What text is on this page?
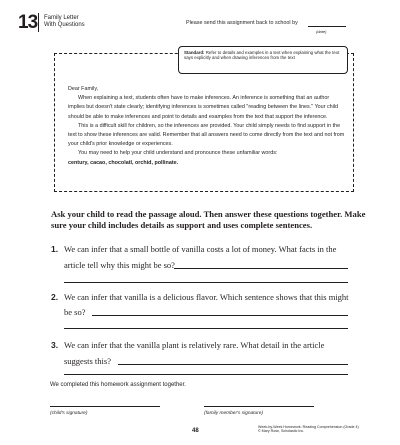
13 Family Letter
With Questions	Please send this assignment back to school by
(date)
Standard: Refer to details and examples in a text when explaining what the text says explicitly and when drawing inferences from the text

Dear Family,

When explaining a text, students often have to make inferences. An inference is something that an author implies but doesn't state clearly; identifying inferences is sometimes called "reading between the lines." Your child should be able to make inferences and point to details and examples from the text that support the inference.

This is a difficult skill for children, so the inferences are provided. Your child simply needs to find support in the text to show these inferences are valid. Remember that all answers need to come directly from the text and not from your child's prior knowledge or experiences.

You may need to help your child understand and pronounce these unfamiliar words:

century, cacao, chocolatl, orchid, pollinate.

Ask your child to read the passage aloud. Then answer these questions together. Make sure your child includes details as support and uses complete sentences.
1. We can infer that a small bottle of vanilla costs a lot of money. What facts in the
article tell why this might be so?
2. We can infer that vanilla is a delicious flavor. Which sentence shows that this might
be so?
3. We can infer that the vanilla plant is relatively rare. What detail in the article
suggests this?
We completed this homework assignment together.
(child's signature)	(family member's signature)
48
Week-by-Week Homework: Reading Comprehension (Grade 4)
© Mary Rose, Scholastic Inc.
